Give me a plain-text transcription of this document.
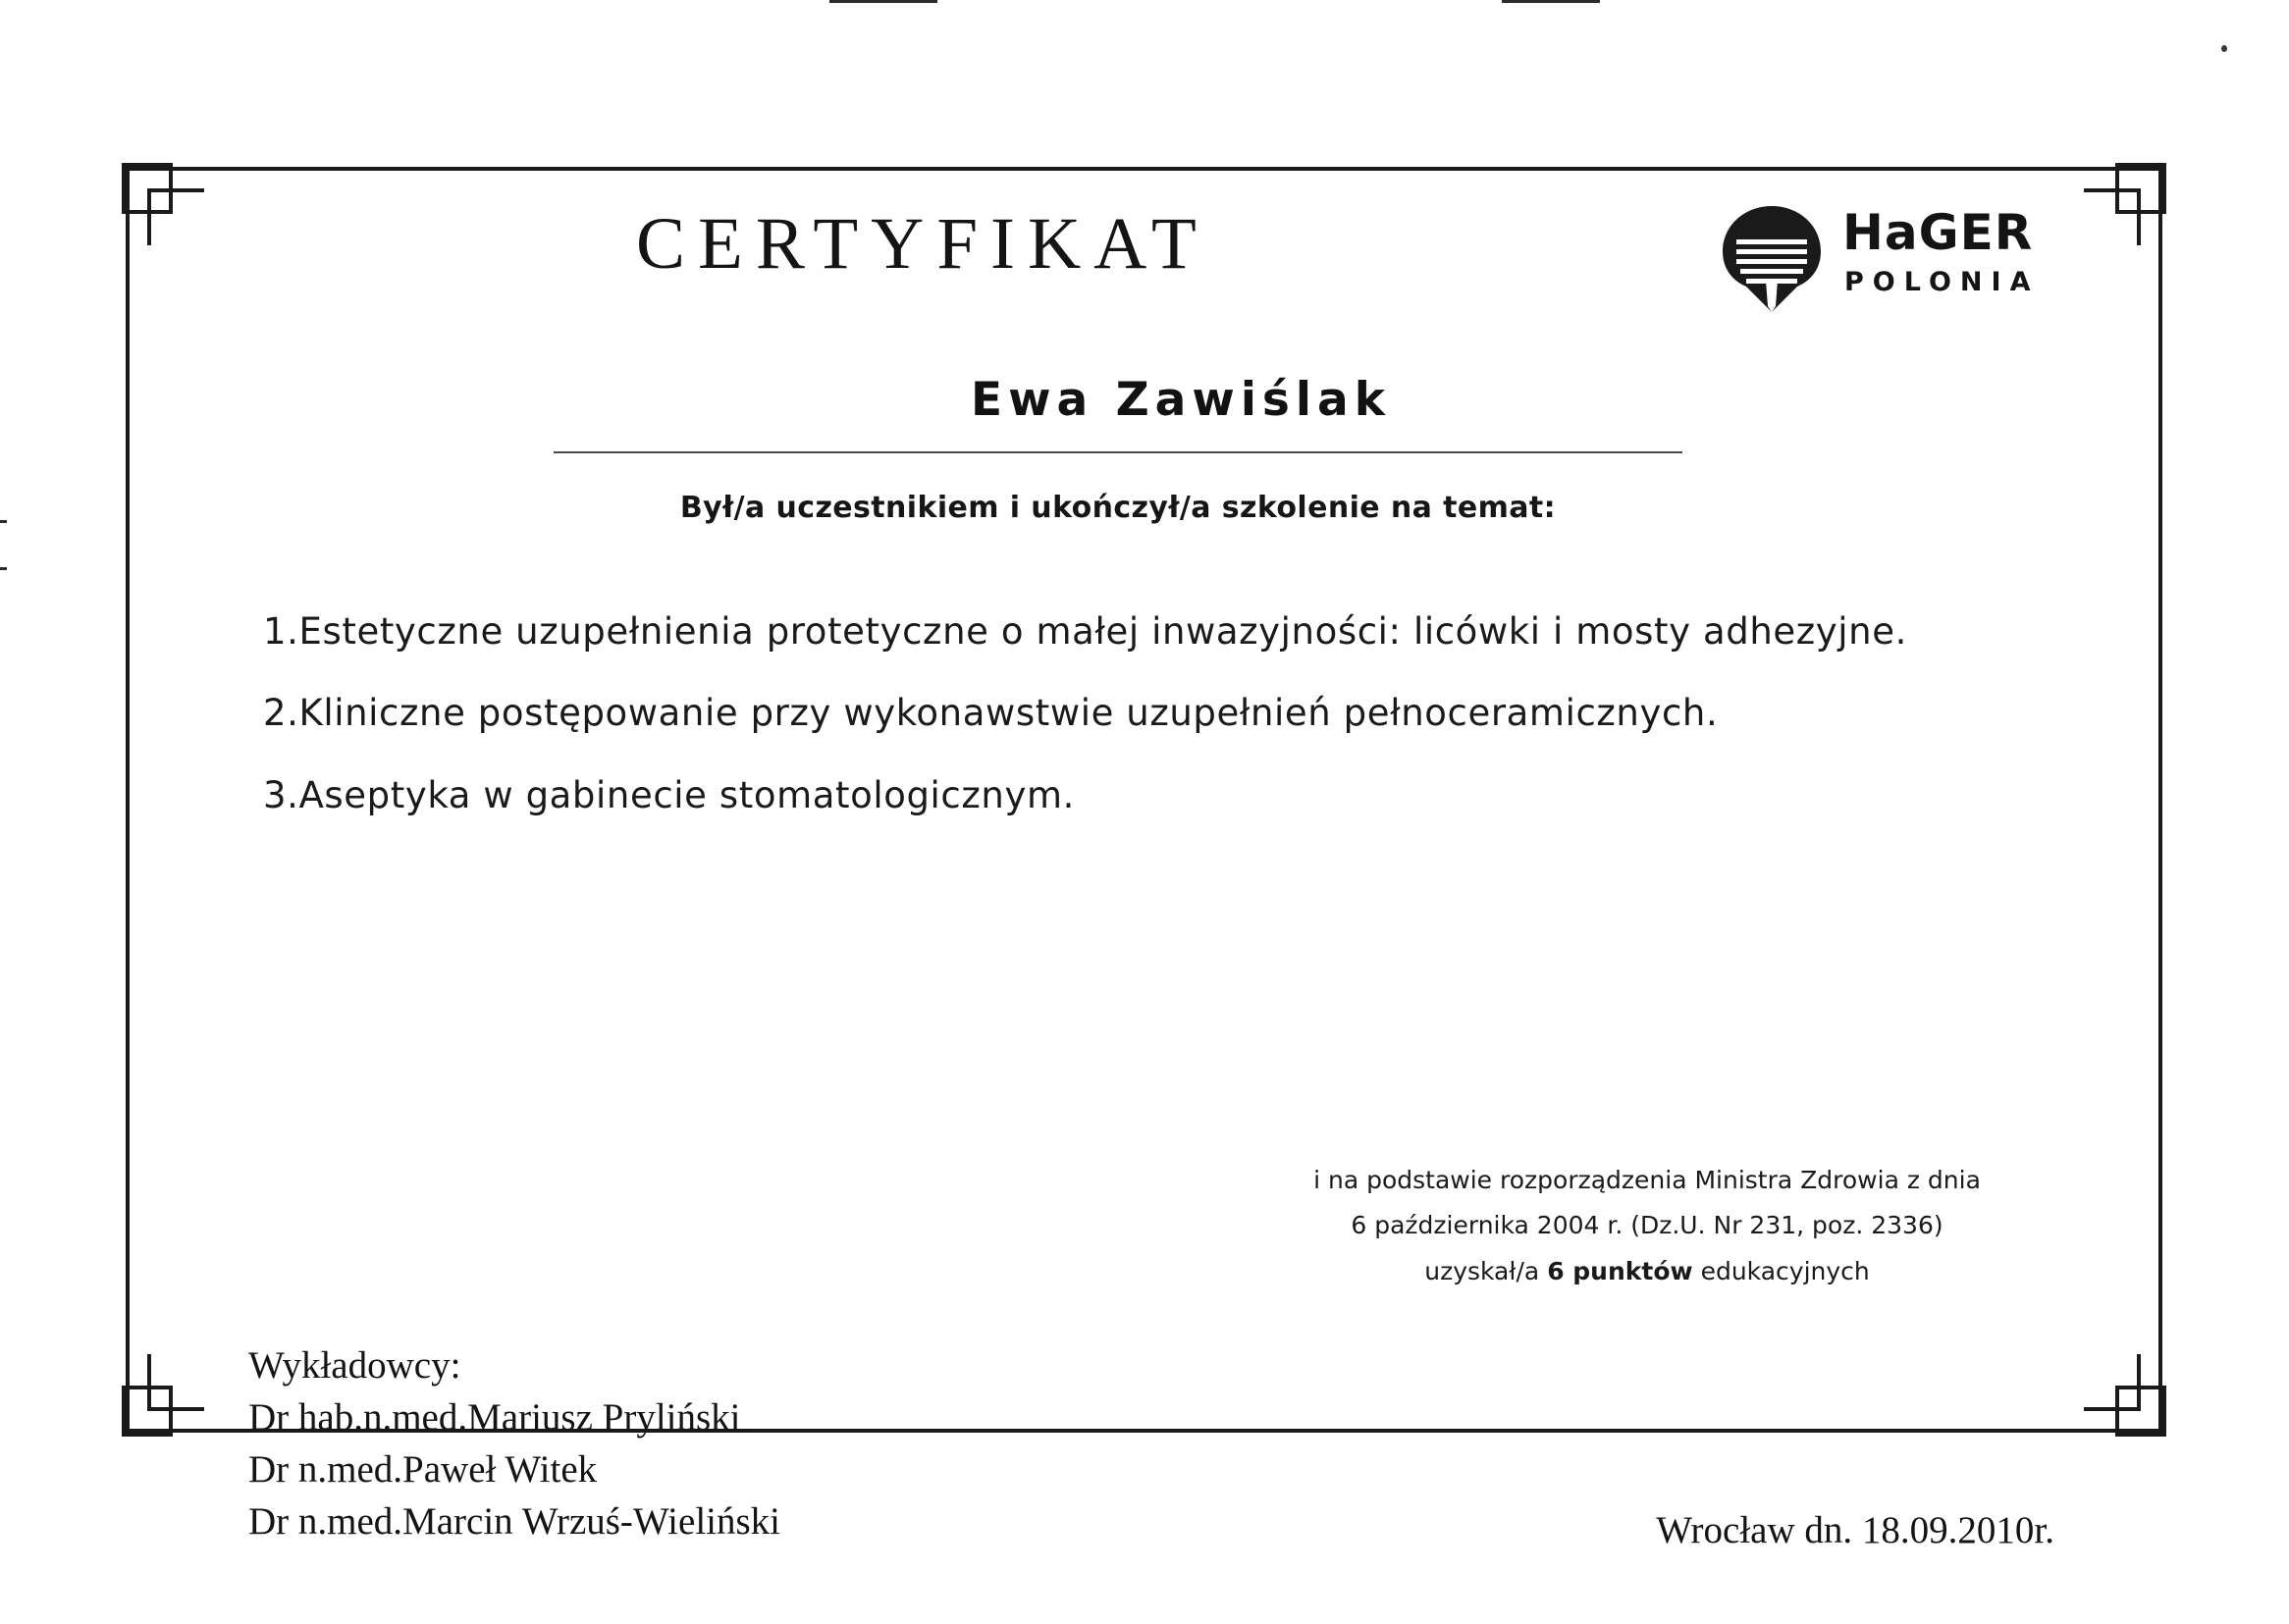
CERTYFIKAT	HaGER
POLONIA
Ewa Zawiślak
Był/a uczestnikiem i ukończył/a szkolenie na temat:
1.Estetyczne uzupełnienia protetyczne o małej inwazyjności: licówki i mosty adhezyjne.
2.Kliniczne postępowanie przy wykonawstwie uzupełnień pełnoceramicznych.
3.Aseptyka w gabinecie stomatologicznym.
i na podstawie rozporządzenia Ministra Zdrowia z dnia
6 października 2004 r. (Dz.U. Nr 231, poz. 2336)
uzyskał/a 6 punktów edukacyjnych
Wykładowcy:
Dr hab.n.med.Mariusz Pryliński
Dr n.med.Paweł Witek
Dr n.med.Marcin Wrzuś-Wieliński	Wrocław dn. 18.09.2010r.
